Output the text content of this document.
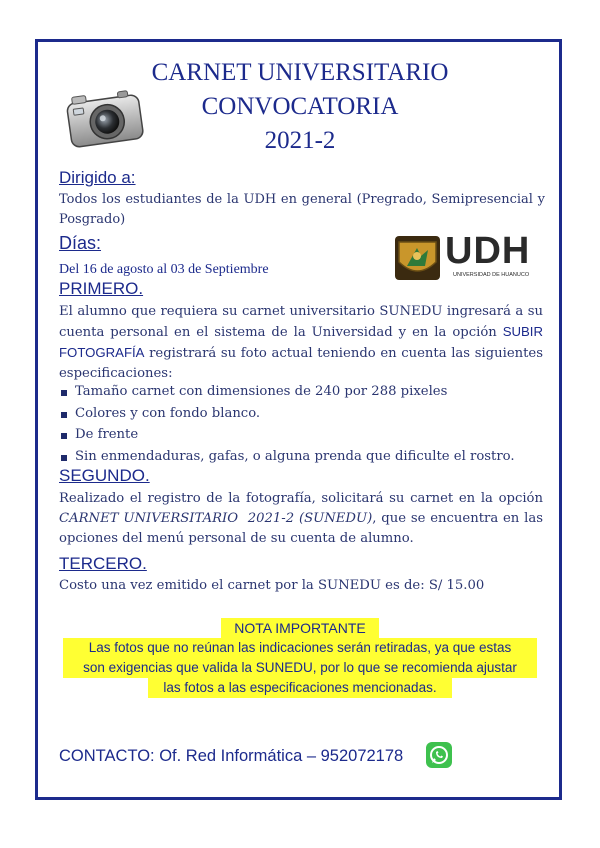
CARNET UNIVERSITARIO
CONVOCATORIA
2021-2
Dirigido a:
Todos los estudiantes de la UDH en general (Pregrado, Semipresencial y Posgrado)
Días:
Del 16 de agosto al 03 de Septiembre	UDH
UNIVERSIDAD DE HUANUCO
PRIMERO.
El alumno que requiera su carnet universitario SUNEDU ingresará a su cuenta personal en el sistema de la Universidad y en la opción SUBIR FOTOGRAFÍA registrará su foto actual teniendo en cuenta las siguientes especificaciones:
Tamaño carnet con dimensiones de 240 por 288 pixeles
Colores y con fondo blanco.
De frente
Sin enmendaduras, gafas, o alguna prenda que dificulte el rostro.
SEGUNDO.
Realizado el registro de la fotografía, solicitará su carnet en la opción CARNET UNIVERSITARIO  2021-2 (SUNEDU), que se encuentra en las opciones del menú personal de su cuenta de alumno.
TERCERO.
Costo una vez emitido el carnet por la SUNEDU es de: S/ 15.00
NOTA IMPORTANTE
Las fotos que no reúnan las indicaciones serán retiradas, ya que estas
son exigencias que valida la SUNEDU, por lo que se recomienda ajustar
las fotos a las especificaciones mencionadas.
CONTACTO: Of. Red Informática – 952072178
